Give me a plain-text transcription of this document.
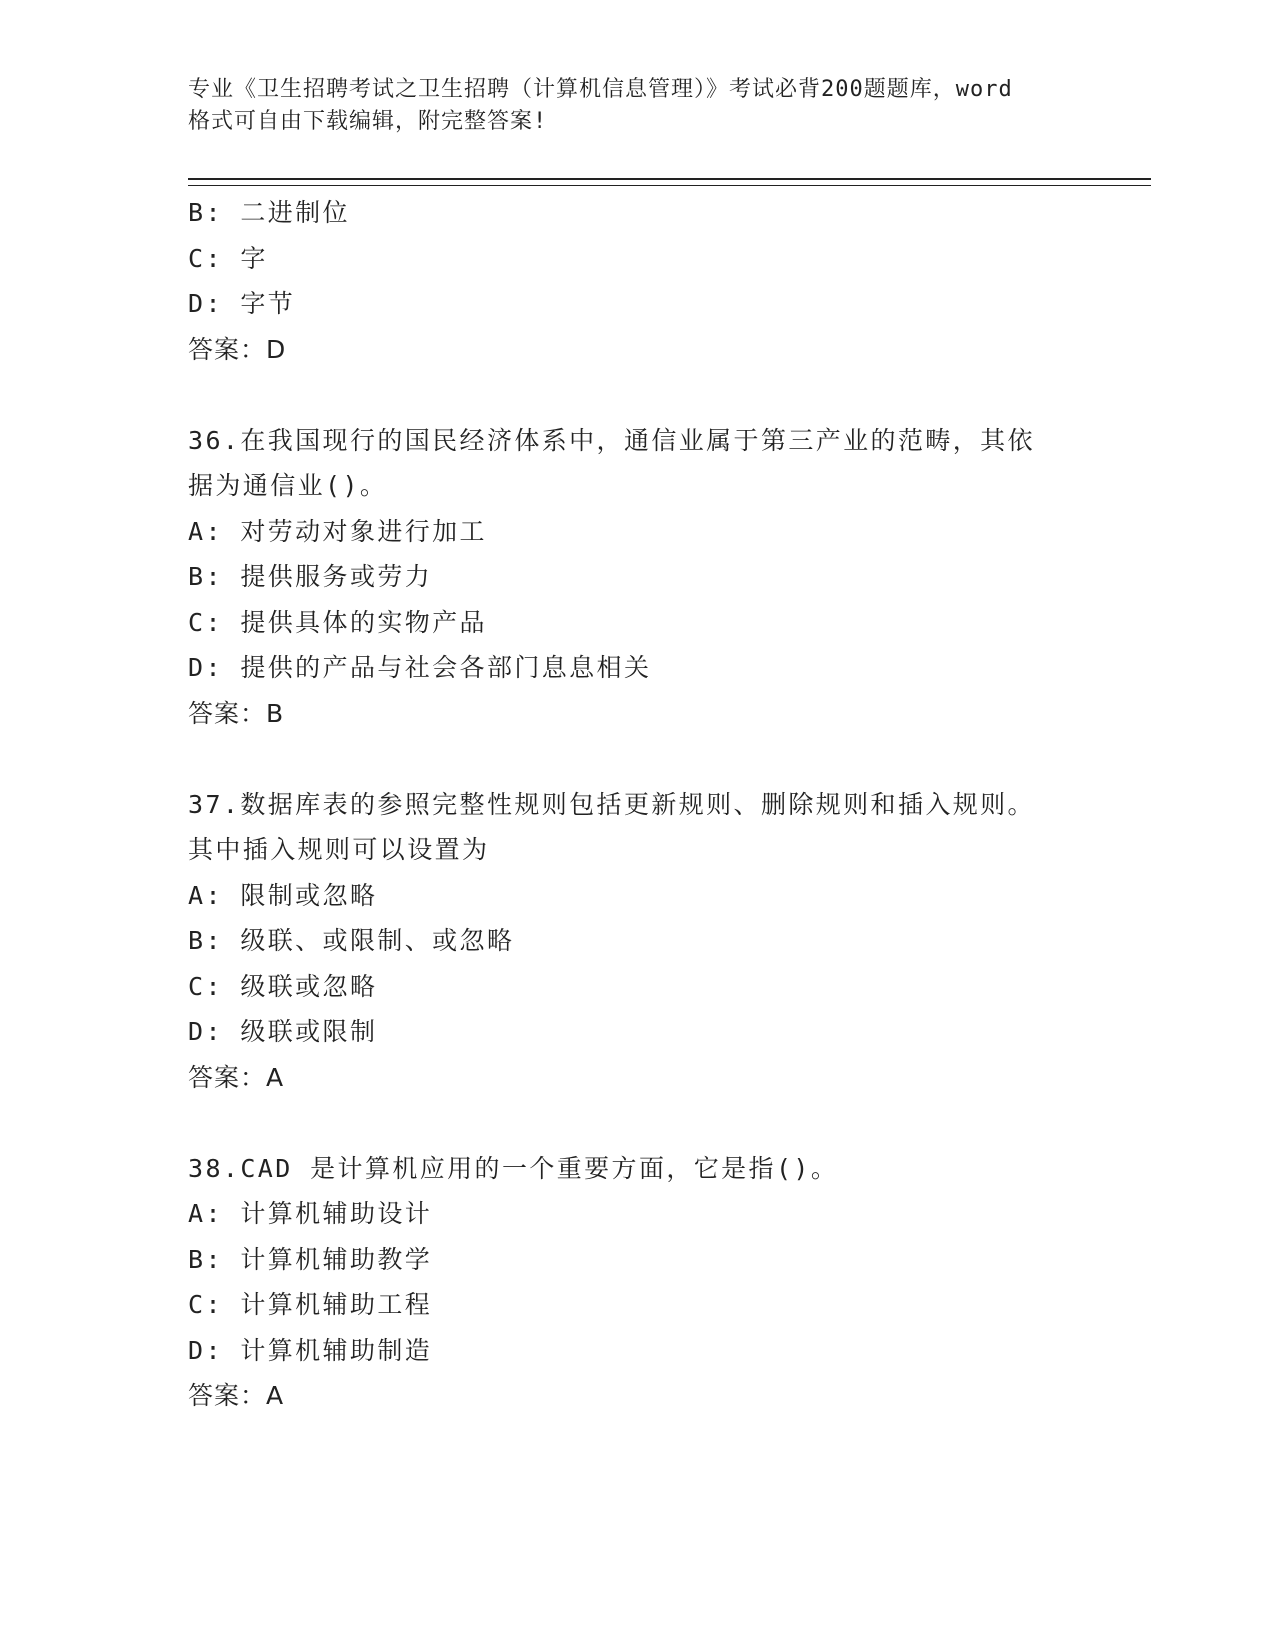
专业《卫生招聘考试之卫生招聘（计算机信息管理）》考试必背200题题库，word
格式可自由下载编辑，附完整答案!
B: 二进制位
C: 字
D: 字节
答案：D
36.在我国现行的国民经济体系中，通信业属于第三产业的范畴，其依
据为通信业()。
A: 对劳动对象进行加工
B: 提供服务或劳力
C: 提供具体的实物产品
D: 提供的产品与社会各部门息息相关
答案：B
37.数据库表的参照完整性规则包括更新规则、删除规则和插入规则。
其中插入规则可以设置为
A: 限制或忽略
B: 级联、或限制、或忽略
C: 级联或忽略
D: 级联或限制
答案：A
38.CAD 是计算机应用的一个重要方面，它是指()。
A: 计算机辅助设计
B: 计算机辅助教学
C: 计算机辅助工程
D: 计算机辅助制造
答案：A
